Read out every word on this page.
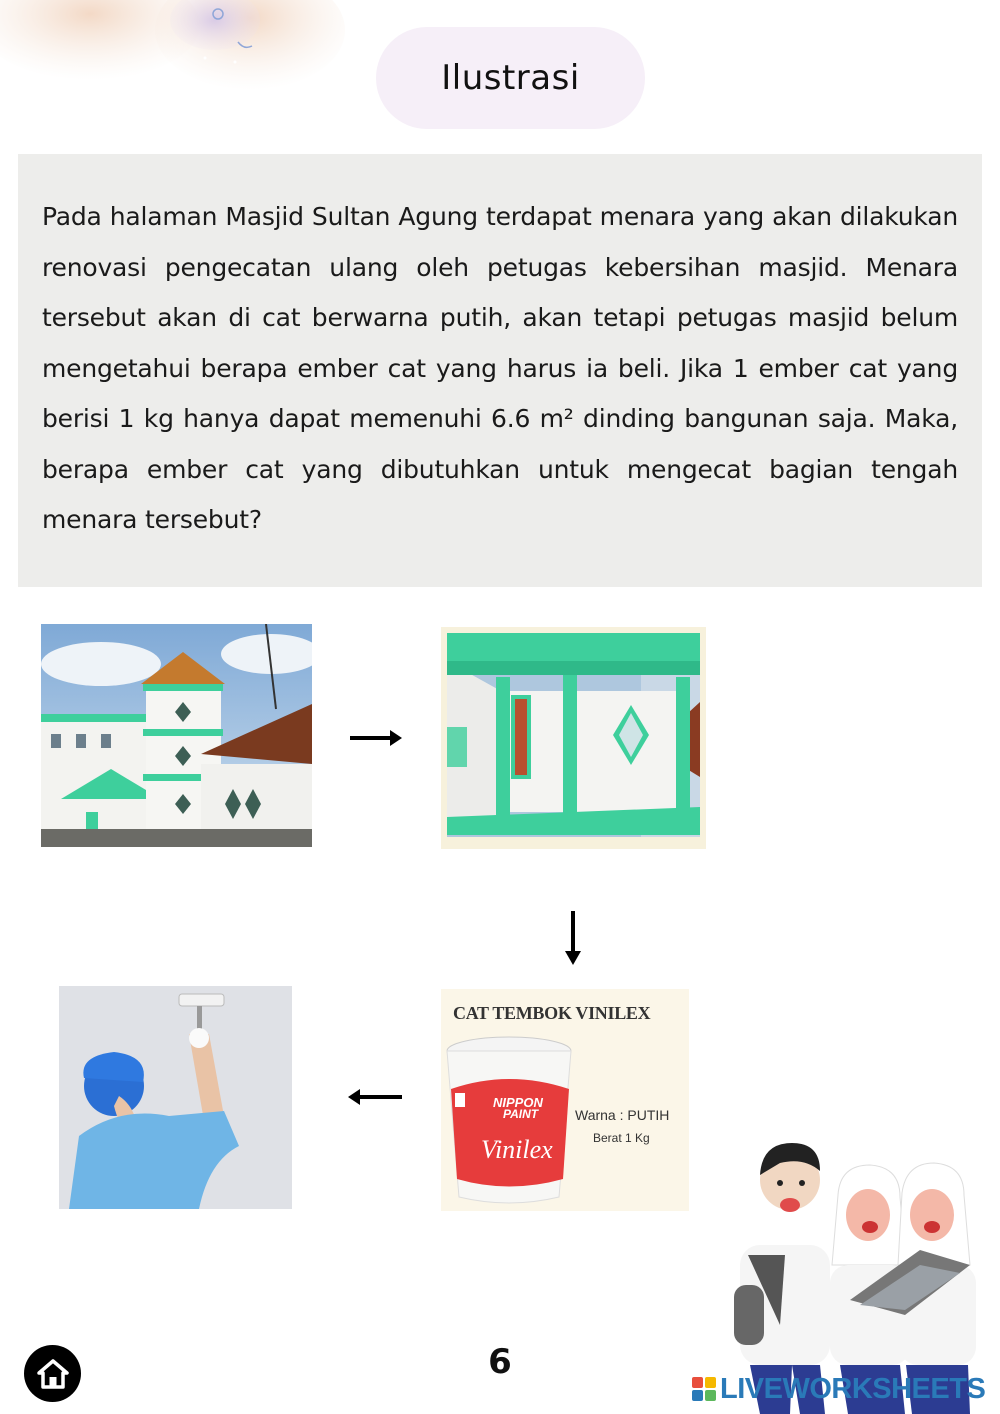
Ilustrasi

Pada halaman Masjid Sultan Agung terdapat menara yang akan dilakukan renovasi pengecatan ulang oleh petugas kebersihan masjid. Menara tersebut akan di cat berwarna putih, akan tetapi petugas masjid belum mengetahui berapa ember cat yang harus ia beli. Jika 1 ember cat yang berisi 1 kg hanya dapat memenuhi 6.6 m² dinding bangunan saja. Maka, berapa ember cat yang dibutuhkan untuk mengecat bagian tengah menara tersebut?

CAT TEMBOK VINILEX
NIPPON
PAINT
Vinilex
Warna : PUTIH
Berat 1 Kg
6
LIVEWORKSHEETS
